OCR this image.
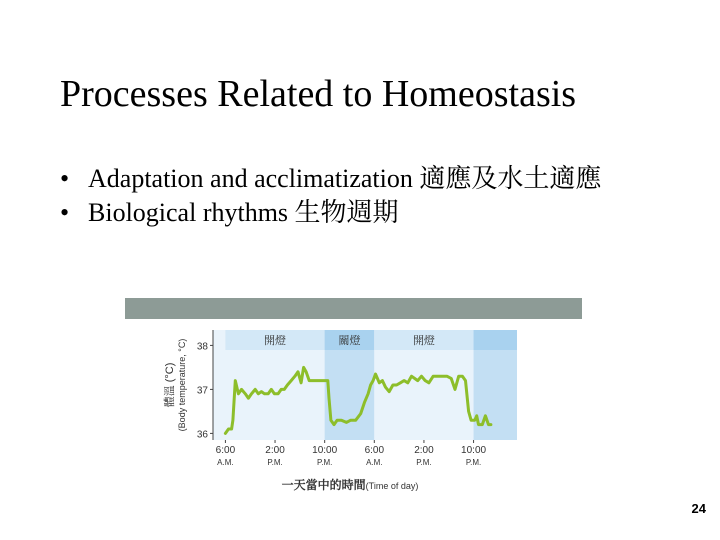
Processes Related to Homeostasis
• Adaptation and acclimatization 適應及水土適應
• Biological rhythms 生物週期
開燈	關燈	開燈
36
37
38
6:00
A.M.
2:00
P.M.
10:00
P.M.
6:00
A.M.
2:00
P.M.
10:00
P.M.
體溫 (°C) (Body temperature, °C)
一天當中的時間(Time of day)
24
